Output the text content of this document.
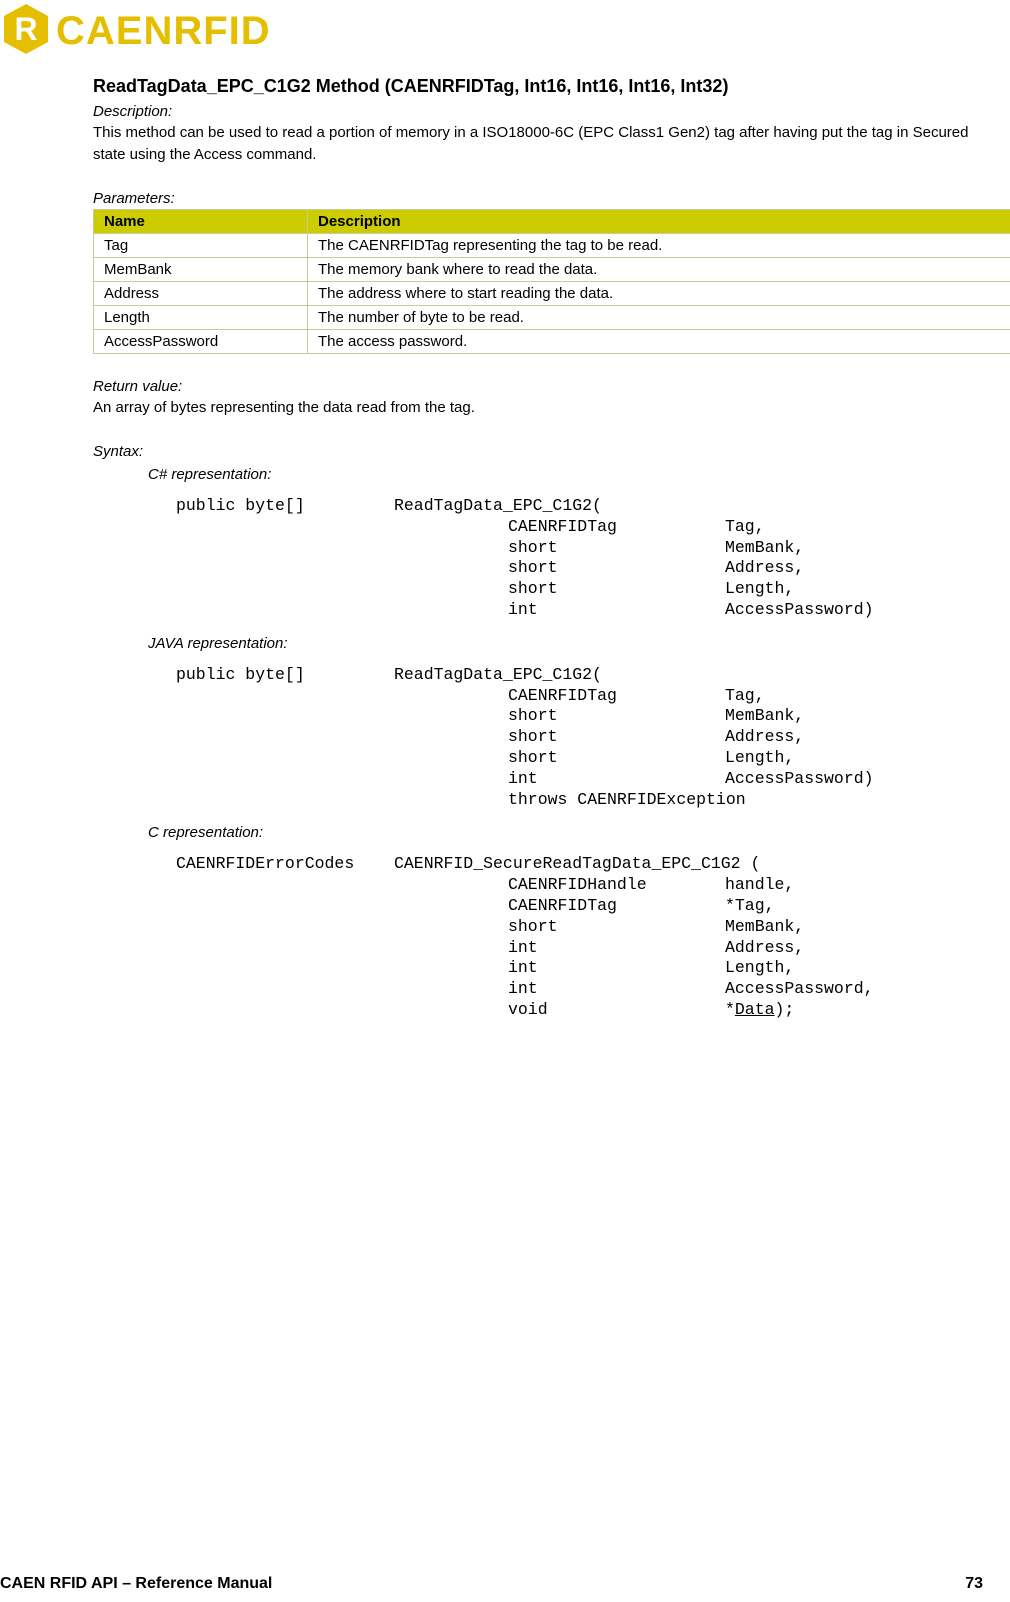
R CAENRFID
ReadTagData_EPC_C1G2 Method (CAENRFIDTag, Int16, Int16, Int16, Int32)
Description:
This method can be used to read a portion of memory in a ISO18000-6C (EPC Class1 Gen2) tag after having put the tag in Secured state using the Access command.
Parameters:
Name	Description
Tag	The CAENRFIDTag representing the tag to be read.
MemBank	The memory bank where to read the data.
Address	The address where to start reading the data.
Length	The number of byte to be read.
AccessPassword	The access password.
Return value:
An array of bytes representing the data read from the tag.
Syntax:
C# representation:
public byte[]	ReadTagData_EPC_C1G2(
CAENRFIDTag	Tag,
short	MemBank,
short	Address,
short	Length,
int	AccessPassword)
JAVA representation:
public byte[]	ReadTagData_EPC_C1G2(
CAENRFIDTag	Tag,
short	MemBank,
short	Address,
short	Length,
int	AccessPassword)
throws CAENRFIDException
C representation:
CAENRFIDErrorCodes CAENRFID_SecureReadTagData_EPC_C1G2 (
CAENRFIDHandle	handle,
CAENRFIDTag	*Tag,
short	MemBank,
int	Address,
int	Length,
int	AccessPassword,
void	*Data);
CAEN RFID API – Reference Manual	73
